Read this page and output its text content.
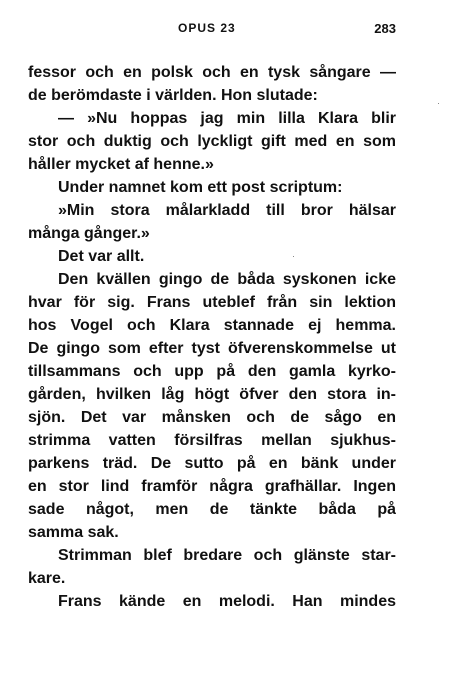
OPUS 23	283
fessor och en polsk och en tysk sångare —
de berömdaste i världen. Hon slutade:
— »Nu hoppas jag min lilla Klara blir
stor och duktig och lyckligt gift med en som
håller mycket af henne.»
Under namnet kom ett post scriptum:
»Min stora målarkladd till bror hälsar
många gånger.»
Det var allt.
Den kvällen gingo de båda syskonen icke
hvar för sig. Frans uteblef från sin lektion
hos Vogel och Klara stannade ej hemma.
De gingo som efter tyst öfverenskommelse ut
tillsammans och upp på den gamla kyrko-
gården, hvilken låg högt öfver den stora in-
sjön. Det var månsken och de sågo en
strimma vatten försilfras mellan sjukhus-
parkens träd. De sutto på en bänk under
en stor lind framför några grafhällar. Ingen
sade något, men de tänkte båda på
samma sak.
Strimman blef bredare och glänste star-
kare.
Frans kände en melodi. Han mindes
